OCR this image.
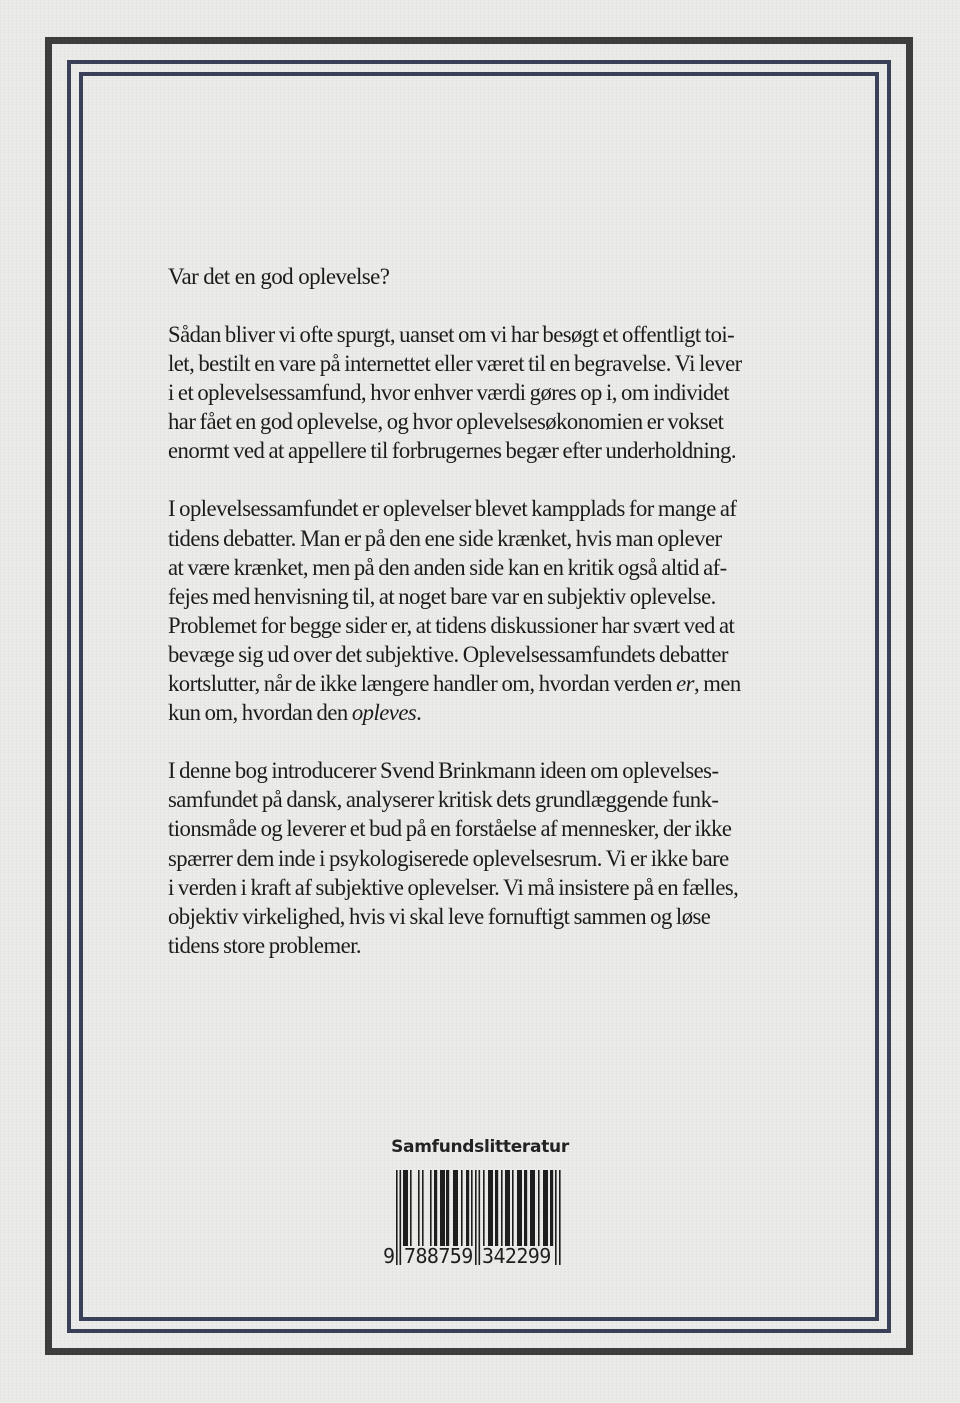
Var det en god oplevelse?
Sådan bliver vi ofte spurgt, uanset om vi har besøgt et offentligt toi-
let, bestilt en vare på internettet eller været til en begravelse. Vi lever
i et oplevelsessamfund, hvor enhver værdi gøres op i, om individet
har fået en god oplevelse, og hvor oplevelsesøkonomien er vokset
enormt ved at appellere til forbrugernes begær efter underholdning.
I oplevelsessamfundet er oplevelser blevet kampplads for mange af
tidens debatter. Man er på den ene side krænket, hvis man oplever
at være krænket, men på den anden side kan en kritik også altid af-
fejes med henvisning til, at noget bare var en subjektiv oplevelse.
Problemet for begge sider er, at tidens diskussioner har svært ved at
bevæge sig ud over det subjektive. Oplevelsessamfundets debatter
kortslutter, når de ikke længere handler om, hvordan verden er, men
kun om, hvordan den opleves.
I denne bog introducerer Svend Brinkmann ideen om oplevelses-
samfundet på dansk, analyserer kritisk dets grundlæggende funk-
tionsmåde og leverer et bud på en forståelse af mennesker, der ikke
spærrer dem inde i psykologiserede oplevelsesrum. Vi er ikke bare
i verden i kraft af subjektive oplevelser. Vi må insistere på en fælles,
objektiv virkelighed, hvis vi skal leve fornuftigt sammen og løse
tidens store problemer.
Samfundslitteratur
9 788759 342299
